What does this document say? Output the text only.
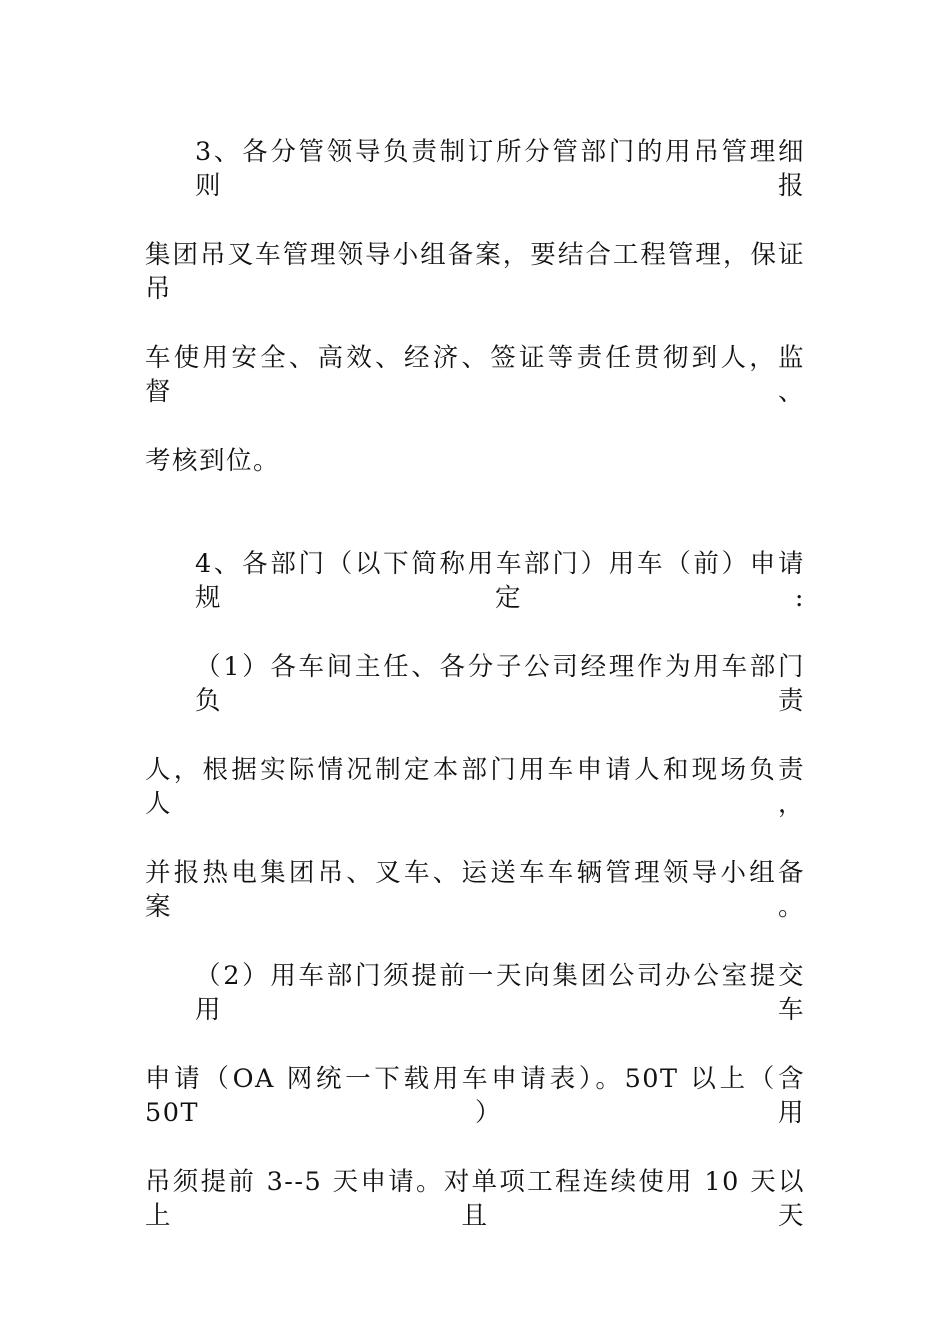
3、各分管领导负责制订所分管部门的用吊管理细则报
集团吊叉车管理领导小组备案，要结合工程管理，保证吊
车使用安全、高效、经济、签证等责任贯彻到人，监督、
考核到位。
4、各部门（以下简称用车部门）用车（前）申请规定:
（1）各车间主任、各分子公司经理作为用车部门负责
人，根据实际情况制定本部门用车申请人和现场负责人，
并报热电集团吊、叉车、运送车车辆管理领导小组备案。
（2）用车部门须提前一天向集团公司办公室提交用车
申请（OA 网统一下载用车申请表）。50T 以上（含 50T）用
吊须提前 3--5 天申请。对单项工程连续使用 10 天以上且天
